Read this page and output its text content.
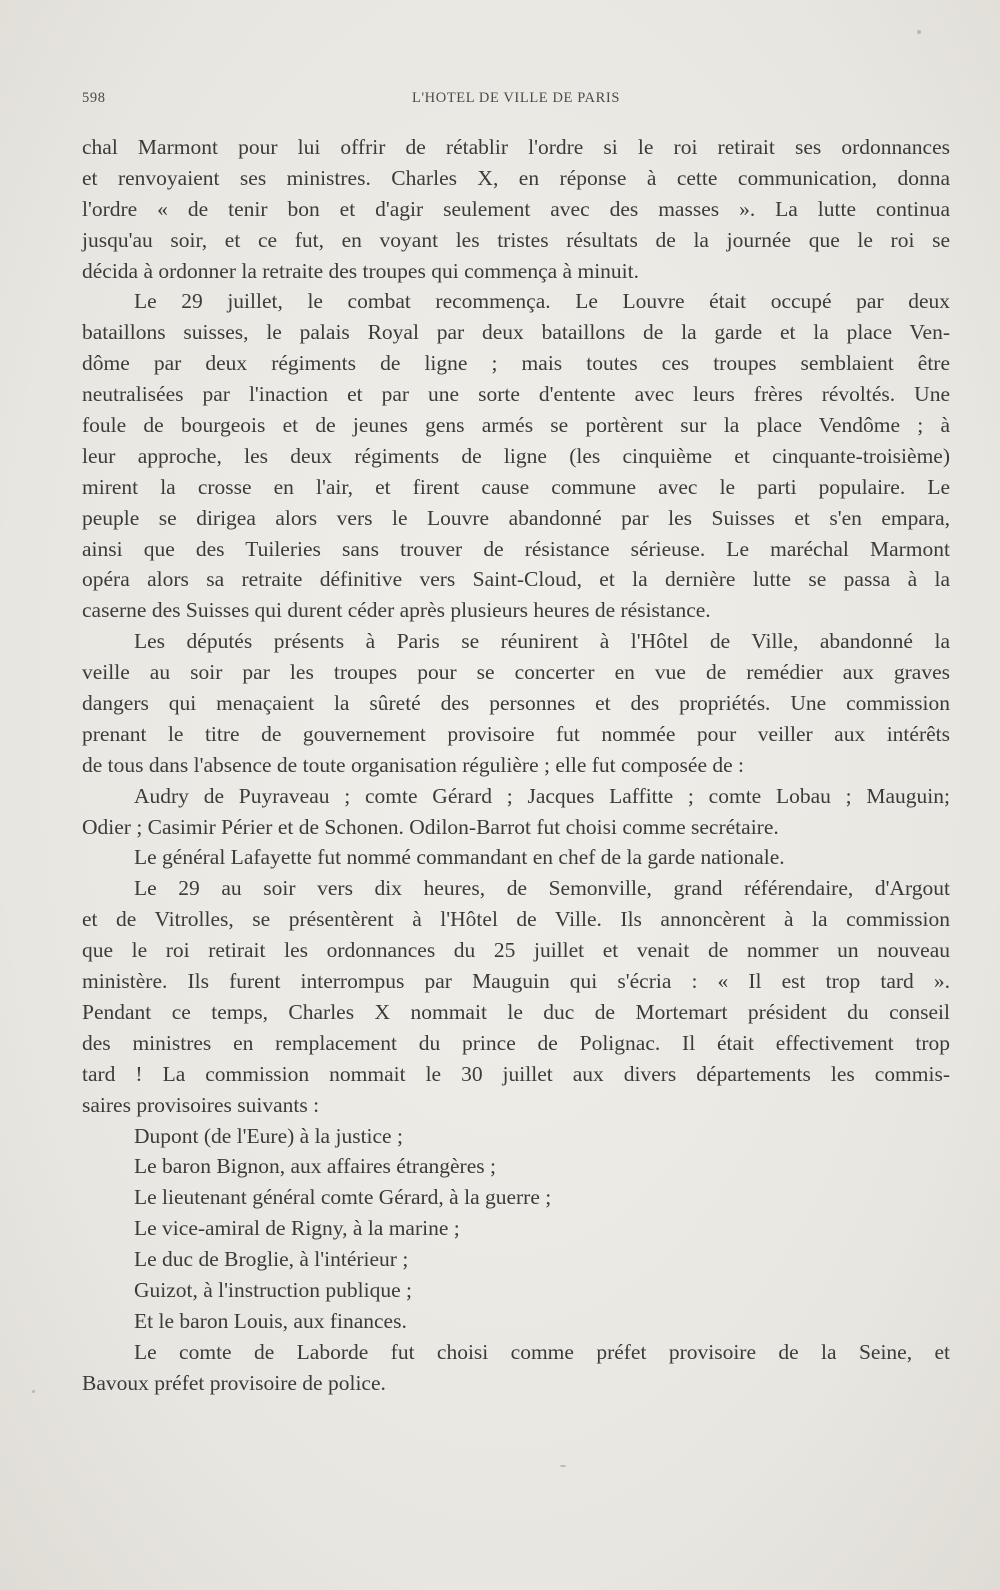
598	L'HOTEL DE VILLE DE PARIS
chal Marmont pour lui offrir de rétablir l'ordre si le roi retirait ses ordonnances
et renvoyaient ses ministres. Charles X, en réponse à cette communication, donna
l'ordre « de tenir bon et d'agir seulement avec des masses ». La lutte continua
jusqu'au soir, et ce fut, en voyant les tristes résultats de la journée que le roi se
décida à ordonner la retraite des troupes qui commença à minuit.
Le 29 juillet, le combat recommença. Le Louvre était occupé par deux
bataillons suisses, le palais Royal par deux bataillons de la garde et la place Ven-
dôme par deux régiments de ligne ; mais toutes ces troupes semblaient être
neutralisées par l'inaction et par une sorte d'entente avec leurs frères révoltés. Une
foule de bourgeois et de jeunes gens armés se portèrent sur la place Vendôme ; à
leur approche, les deux régiments de ligne (les cinquième et cinquante-troisième)
mirent la crosse en l'air, et firent cause commune avec le parti populaire. Le
peuple se dirigea alors vers le Louvre abandonné par les Suisses et s'en empara,
ainsi que des Tuileries sans trouver de résistance sérieuse. Le maréchal Marmont
opéra alors sa retraite définitive vers Saint-Cloud, et la dernière lutte se passa à la
caserne des Suisses qui durent céder après plusieurs heures de résistance.
Les députés présents à Paris se réunirent à l'Hôtel de Ville, abandonné la
veille au soir par les troupes pour se concerter en vue de remédier aux graves
dangers qui menaçaient la sûreté des personnes et des propriétés. Une commission
prenant le titre de gouvernement provisoire fut nommée pour veiller aux intérêts
de tous dans l'absence de toute organisation régulière ; elle fut composée de :
Audry de Puyraveau ; comte Gérard ; Jacques Laffitte ; comte Lobau ; Mauguin;
Odier ; Casimir Périer et de Schonen. Odilon-Barrot fut choisi comme secrétaire.
Le général Lafayette fut nommé commandant en chef de la garde nationale.
Le 29 au soir vers dix heures, de Semonville, grand référendaire, d'Argout
et de Vitrolles, se présentèrent à l'Hôtel de Ville. Ils annoncèrent à la commission
que le roi retirait les ordonnances du 25 juillet et venait de nommer un nouveau
ministère. Ils furent interrompus par Mauguin qui s'écria : « Il est trop tard ».
Pendant ce temps, Charles X nommait le duc de Mortemart président du conseil
des ministres en remplacement du prince de Polignac. Il était effectivement trop
tard ! La commission nommait le 30 juillet aux divers départements les commis-
saires provisoires suivants :
Dupont (de l'Eure) à la justice ;
Le baron Bignon, aux affaires étrangères ;
Le lieutenant général comte Gérard, à la guerre ;
Le vice-amiral de Rigny, à la marine ;
Le duc de Broglie, à l'intérieur ;
Guizot, à l'instruction publique ;
Et le baron Louis, aux finances.
Le comte de Laborde fut choisi comme préfet provisoire de la Seine, et
Bavoux préfet provisoire de police.
